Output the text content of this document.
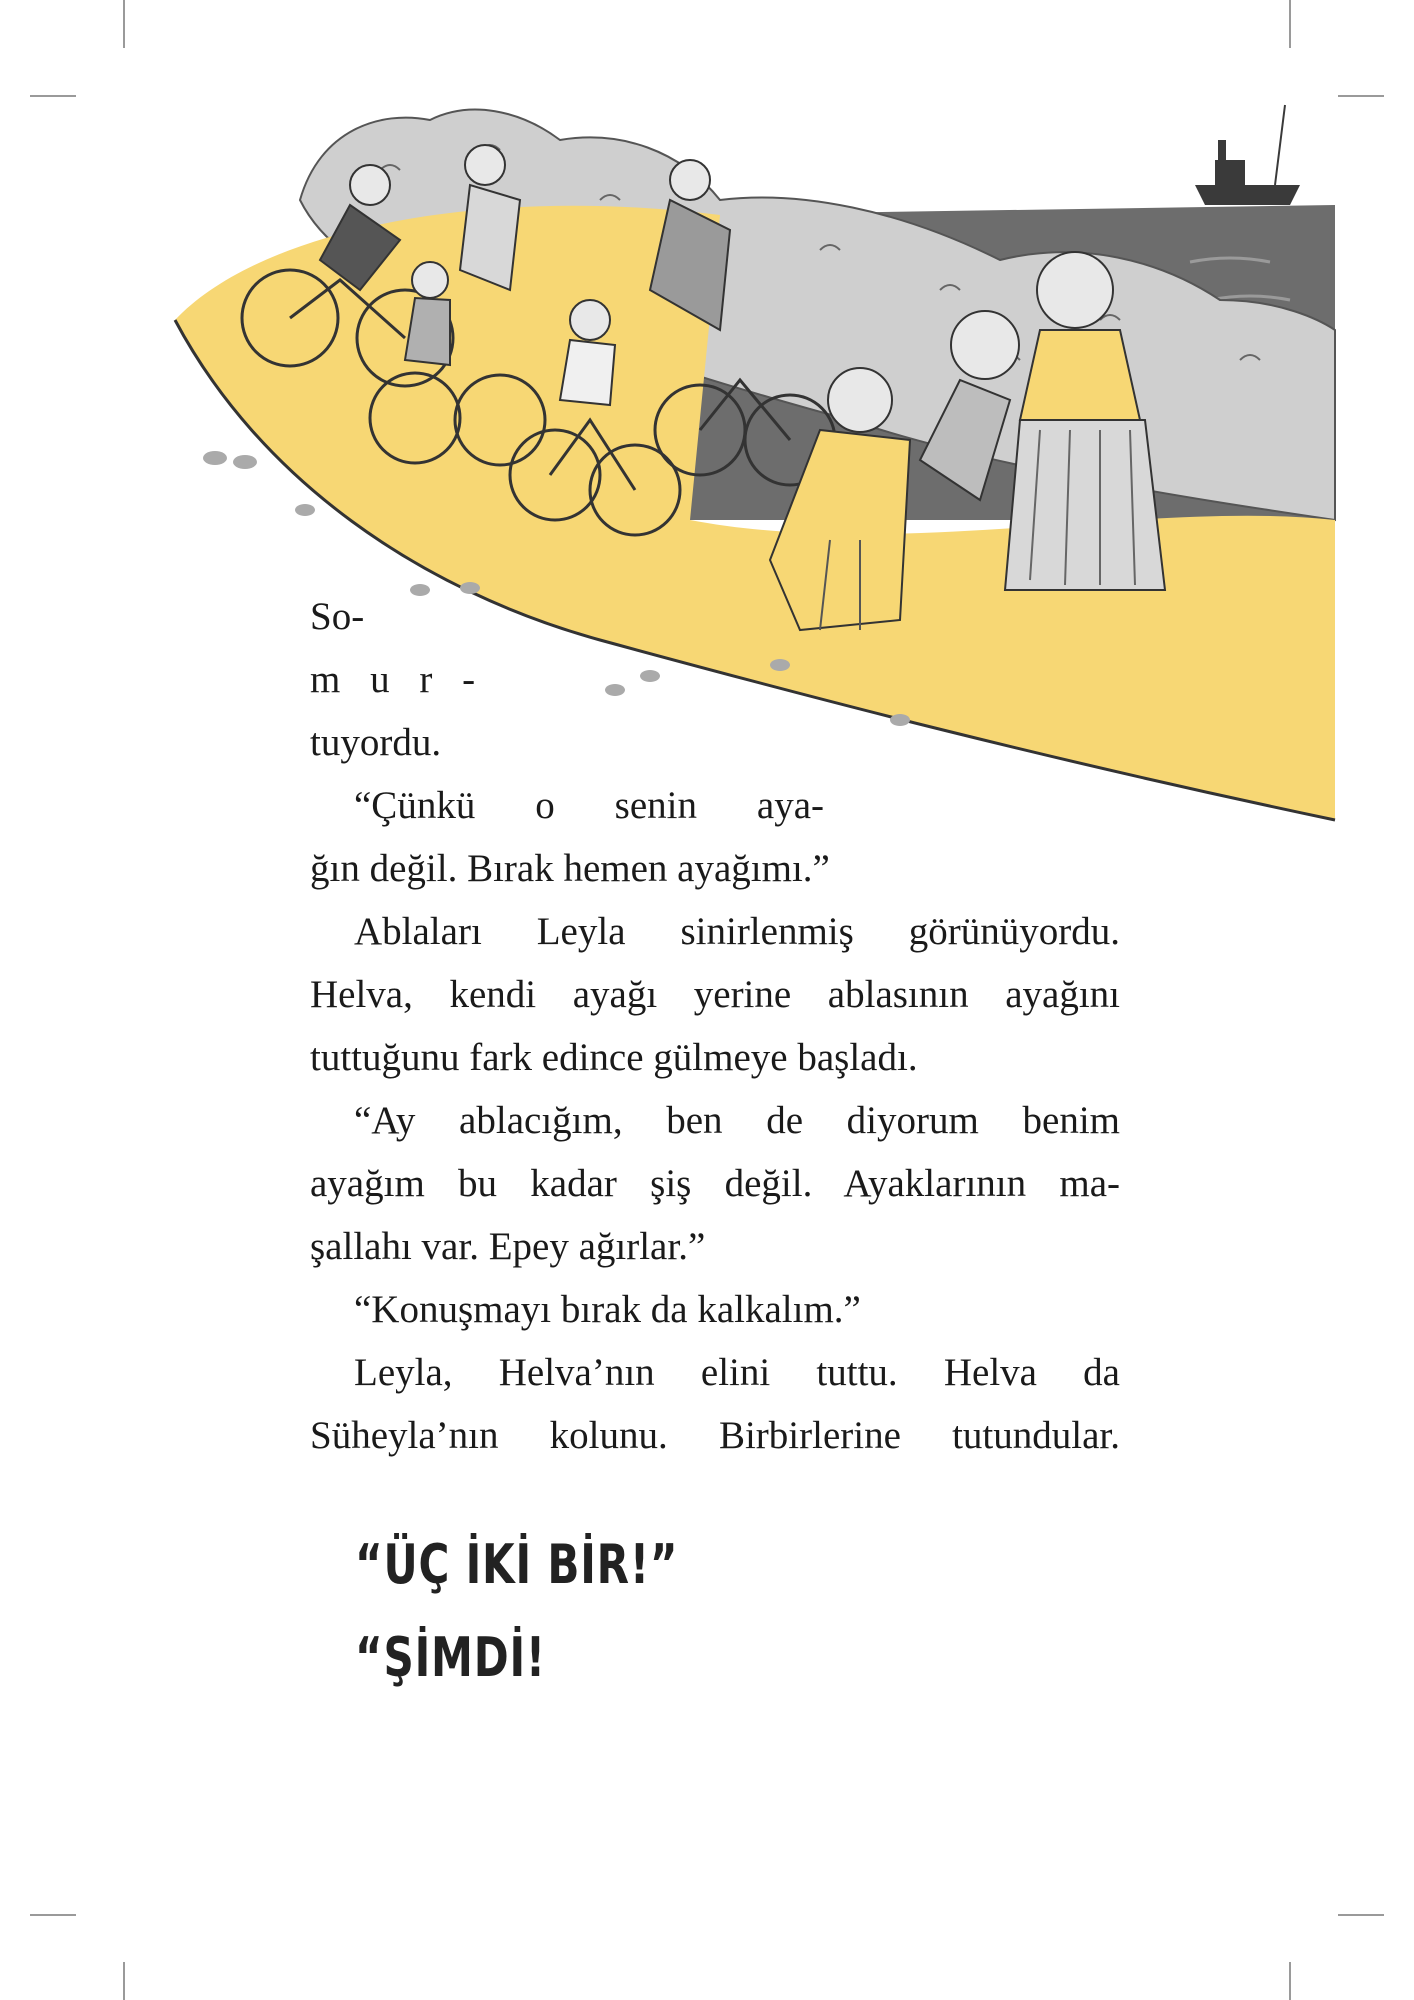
So-
m u r -
tuyordu.

“Çünkü o senin aya-
ğın değil. Bırak hemen ayağımı.”

Ablaları Leyla sinirlenmiş görünüyordu.
Helva, kendi ayağı yerine ablasının ayağını
tuttuğunu fark edince gülmeye başladı.

“Ay ablacığım, ben de diyorum benim
ayağım bu kadar şiş değil. Ayaklarının ma-
şallahı var. Epey ağırlar.”

“Konuşmayı bırak da kalkalım.”

Leyla, Helva’nın elini tuttu. Helva da
Süheyla’nın kolunu. Birbirlerine tutundular.

“ÜÇ İKİ BİR!”
“ŞİMDİ!
